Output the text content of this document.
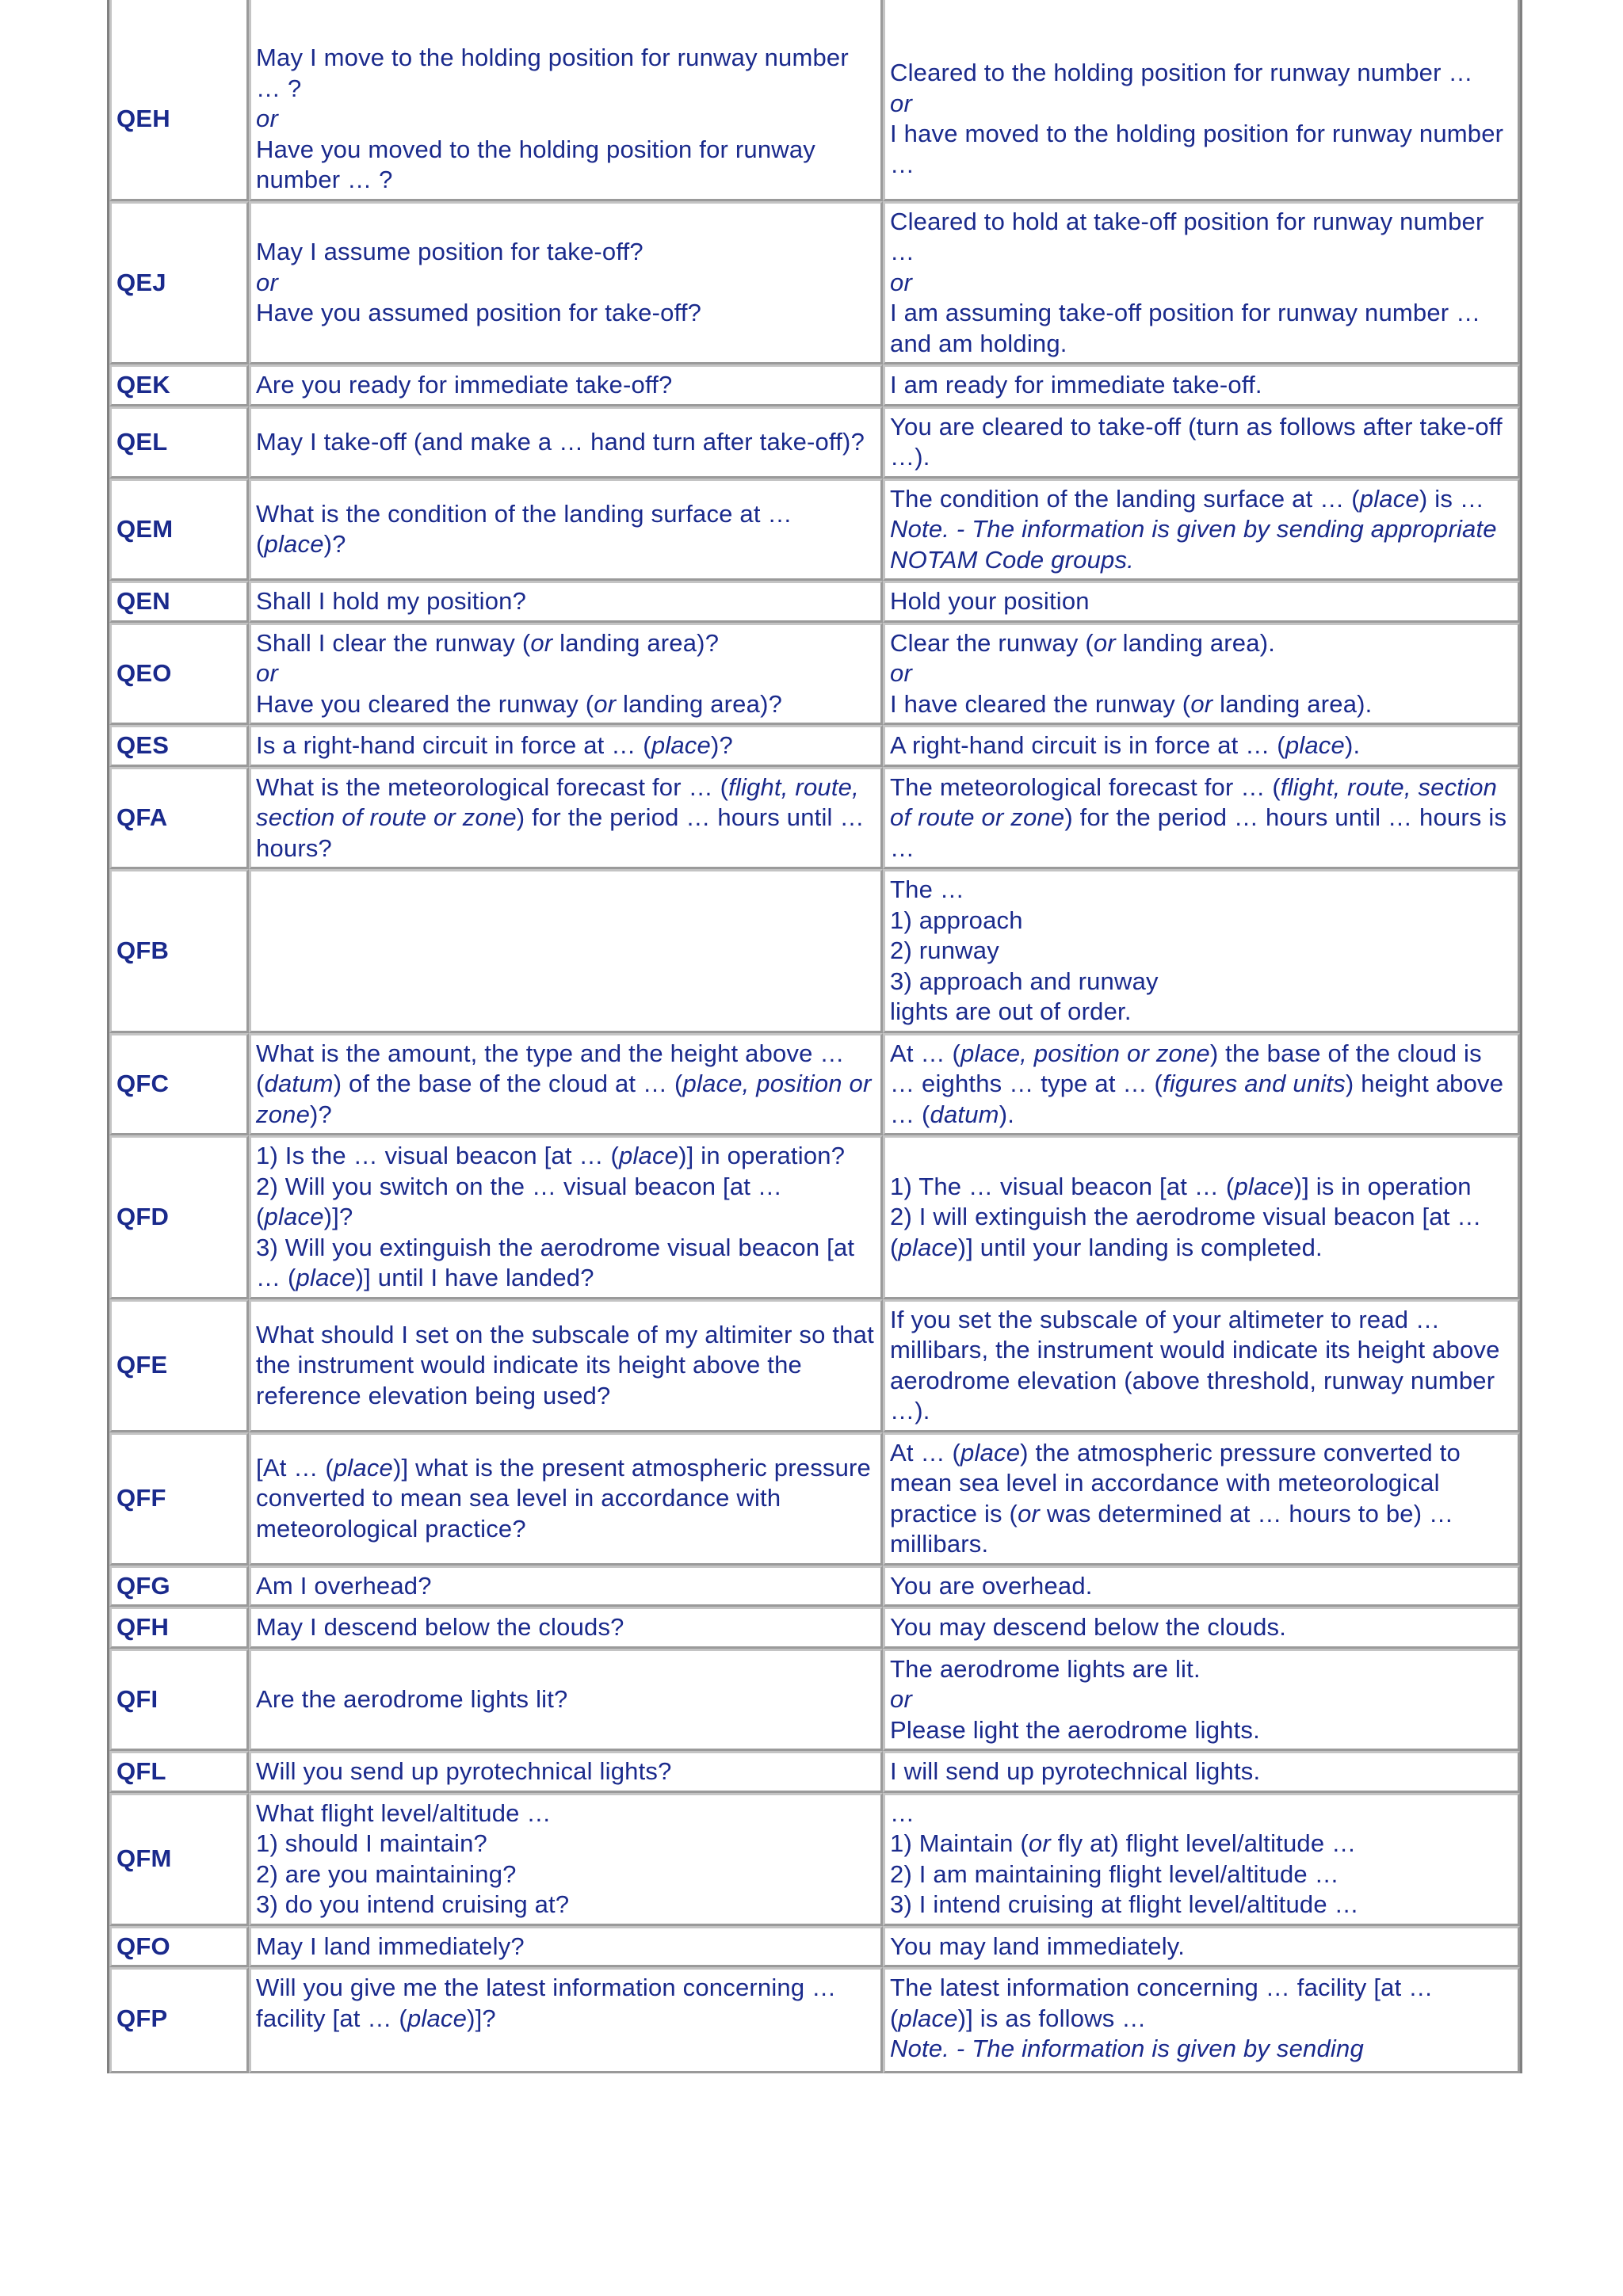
QEH	May I move to the holding position for runway number … ?
or
Have you moved to the holding position for runway number … ?	Cleared to the holding position for runway number …
or
I have moved to the holding position for runway number …

QEJ	May I assume position for take-off?
or
Have you assumed position for take-off?	Cleared to hold at take-off position for runway number …
or
I am assuming take-off position for runway number … and am holding.

QEK	Are you ready for immediate take-off?	I am ready for immediate take-off.

QEL	May I take-off (and make a … hand turn after take-off)?	You are cleared to take-off (turn as follows after take-off …).

QEM	What is the condition of the landing surface at … (place)?	The condition of the landing surface at … (place) is …
Note. - The information is given by sending appropriate NOTAM Code groups.

QEN	Shall I hold my position?	Hold your position

QEO	Shall I clear the runway (or landing area)?
or
Have you cleared the runway (or landing area)?	Clear the runway (or landing area).
or
I have cleared the runway (or landing area).

QES	Is a right-hand circuit in force at … (place)?	A right-hand circuit is in force at … (place).

QFA	What is the meteorological forecast for … (flight, route, section of route or zone) for the period … hours until … hours?	The meteorological forecast for … (flight, route, section of route or zone) for the period … hours until … hours is …

QFB		The …
1) approach
2) runway
3) approach and runway
lights are out of order.

QFC	What is the amount, the type and the height above … (datum) of the base of the cloud at … (place, position or zone)?	At … (place, position or zone) the base of the cloud is … eighths … type at … (figures and units) height above … (datum).

QFD	1) Is the … visual beacon [at … (place)] in operation?
2) Will you switch on the … visual beacon [at … (place)]?
3) Will you extinguish the aerodrome visual beacon [at … (place)] until I have landed?	1) The … visual beacon [at … (place)] is in operation
2) I will extinguish the aerodrome visual beacon [at … (place)] until your landing is completed.

QFE	What should I set on the subscale of my altimiter so that the instrument would indicate its height above the reference elevation being used?	If you set the subscale of your altimeter to read … millibars, the instrument would indicate its height above aerodrome elevation (above threshold, runway number …).

QFF	[At … (place)] what is the present atmospheric pressure converted to mean sea level in accordance with meteorological practice?	At … (place) the atmospheric pressure converted to mean sea level in accordance with meteorological practice is (or was determined at … hours to be) … millibars.

QFG	Am I overhead?	You are overhead.

QFH	May I descend below the clouds?	You may descend below the clouds.

QFI	Are the aerodrome lights lit?	The aerodrome lights are lit.
or
Please light the aerodrome lights.

QFL	Will you send up pyrotechnical lights?	I will send up pyrotechnical lights.

QFM	What flight level/altitude …
1) should I maintain?
2) are you maintaining?
3) do you intend cruising at?	…
1) Maintain (or fly at) flight level/altitude …
2) I am maintaining flight level/altitude …
3) I intend cruising at flight level/altitude …

QFO	May I land immediately?	You may land immediately.

QFP	Will you give me the latest information concerning … facility [at … (place)]?	The latest information concerning … facility [at … (place)] is as follows …
Note. - The information is given by sending
